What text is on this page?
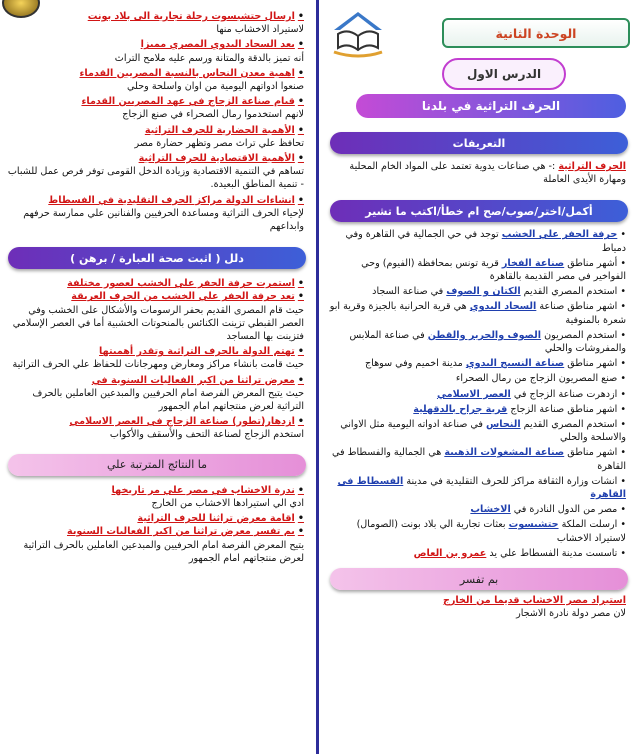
الوحدة الثانية
الدرس الاول
الحرف التراثية في بلدنا
التعريفات
الحرف التراثية :- هي صناعات يدوية تعتمد على المواد الخام المحلية ومهارة الأيدى العاملة
أكمل/اختر/صوب/صح ام خطأ/اكتب ما تشير
• حرفة الحفر علي الخشب توجد في حي الجمالية في القاهرة وفي دمياط
• أشهر مناطق صناعة الفخار قرية تونس بمحافظة (الفيوم) وحي الفواخير في مصر القديمة بالقاهرة
• استخدم المصري القديم الكتان و الصوف في صناعة السجاد
• اشهر مناطق صناعة السجاد اليدوي هي قرية الحرانية بالجيزة وقرية ابو شعرة بالمنوفية
• استخدم المصريون الصوف والحرير والقطن في صناعة الملابس والمفروشات والحلي
• اشهر مناطق صناعة النسيج اليدوي مدينة اخميم وفي سوهاج
• صنع المصريون الزجاج من رمال الصحراء
• ازدهرت صناعة الزجاج في العصر الاسلامي
• اشهر مناطق صناعة الزجاج قرية جراح بالدقهلية
• استخدم المصري القديم النحاس في صناعة ادواته اليومية مثل الاواني والاسلحة والحلي
• اشهر مناطق صناعة المشغولات الذهبية هي الجمالية والفسطاط في القاهرة
• انشات وزارة الثقافة مراكز للحرف التقليدية في مدينة الفسطاط في القاهرة
• مصر من الدول النادرة في الاخشاب
• ارسلت الملكة حتشبسوت بعثات تجارية الي بلاد بونت (الصومال) لاستيراد الاخشاب
• تاسست مدينة الفسطاط علي يد عمرو بن العاص
بم تفسر
استيراد مصر الاخشاب قديما من الخارج
لان مصر دولة نادرة الاشجار
• ارسال حتشبسوت رحلة تجارية الى بلاد بونت
لاستيراد الاخشاب منها
• يعد السجاد اليدوي المصري مميزا
أنه تميز بالدقة والمتانة ورسم عليه ملامح التراث
• اهمية معدن النحاس بالنسبة المصريين القدماء
صنعوا ادواتهم اليومية من اوان واسلحة وحلي
• قيام صناعة الزجاج في عهد المصريين القدماء
لانهم استخدموا رمال الصحراء في صنع الزجاج
• الأهمية الحضارية للحرف التراثية
تحافظ علي تراث مصر وتظهر حضارة مصر
• الأهمية الاقتصادية للحرف التراثية
تساهم في التنمية الاقتصادية وزيادة الدخل القومى توفر فرص عمل للشباب - تنمية المناطق البعيدة.
• انشاءات الدولة مراكز الحرف التقليدية في الفسطاط
لإحياء الحرف التراثية ومساعدة الحرفيين والفنانين علي ممارسة حرفهم وابداعهم
دلل ( اثبت صحة العبارة / برهن )
• استمرت حرفة الحفر علي الخشب لعصور مختلفة
• تعد حرفة الحفر علي الخشب من الحرف العريقة
حيث قام المصرى القديم بحفر الرسومات والأشكال على الخشب وفي العصر القبطي تزينت الكنائس بالمنحوتات الخشبية أما في العصر الإسلامي فتزينت بها المساجد
• تهتم الدولة بالحرف التراثية وتقدر أهميتها
حيث قامت بانشاء مراكز ومعارض ومهرجانات للحفاظ علي الحرف التراثية
• معرض تراثنا من اكبر الفعاليات السنوية في
حيث يتيح المعرض الفرصة امام الحرفيين والمبدعين العاملين بالحرف التراثية لعرض منتجاتهم امام الجمهور
• ازدهار(تطور) صناعة الزجاج في العصر الاسلامي
استخدم الزجاج لصناعة التحف والأسقف والأكواب
ما النتائج المترتبة علي
• ندرة الاخشاب في مصر علي مر تاريخها
ادي الي استيرادها الاخشاب من الخارج
• اقامة معرض تراثنا للحرف التراثية
• يم تفسر معرض تراثنا من اكبر الفعاليات السنوية
يتيح المعرض الفرصة امام الحرفيين والمبدعين العاملين بالحرف التراثية لعرض منتجاتهم امام الجمهور
